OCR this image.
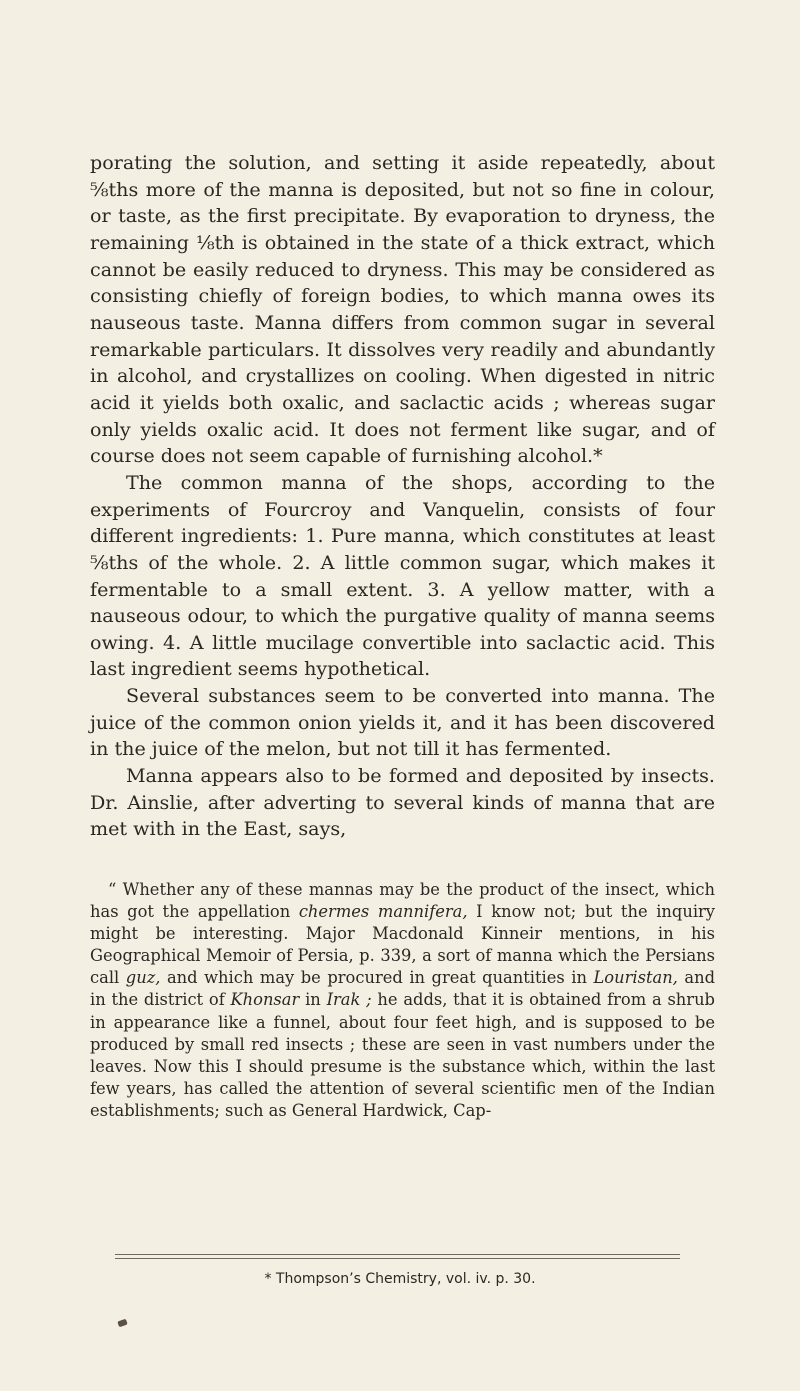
porating the solution, and setting it aside repeatedly, about ⅝ths more of the manna is deposited, but not so fine in colour, or taste, as the first precipitate. By evaporation to dryness, the remaining ⅛th is obtained in the state of a thick extract, which cannot be easily reduced to dryness. This may be considered as consisting chiefly of foreign bodies, to which manna owes its nauseous taste. Manna differs from common sugar in several remarkable particulars. It dissolves very readily and abundantly in alcohol, and crystallizes on cooling. When digested in nitric acid it yields both oxalic, and saclactic acids ; whereas sugar only yields oxalic acid. It does not ferment like sugar, and of course does not seem capable of furnishing alcohol.*

The common manna of the shops, according to the experiments of Fourcroy and Vanquelin, consists of four different ingredients: 1. Pure manna, which constitutes at least ⅝ths of the whole. 2. A little common sugar, which makes it fermentable to a small extent. 3. A yellow matter, with a nauseous odour, to which the purgative quality of manna seems owing. 4. A little mucilage convertible into saclactic acid. This last ingredient seems hypothetical.

Several substances seem to be converted into manna. The juice of the common onion yields it, and it has been discovered in the juice of the melon, but not till it has fermented.

Manna appears also to be formed and deposited by insects. Dr. Ainslie, after adverting to several kinds of manna that are met with in the East, says,

“ Whether any of these mannas may be the product of the insect, which has got the appellation chermes mannifera, I know not; but the inquiry might be interesting. Major Macdonald Kinneir mentions, in his Geographical Memoir of Persia, p. 339, a sort of manna which the Persians call guz, and which may be procured in great quantities in Louristan, and in the district of Khonsar in Irak ; he adds, that it is obtained from a shrub in appearance like a funnel, about four feet high, and is supposed to be produced by small red insects ; these are seen in vast numbers under the leaves. Now this I should presume is the substance which, within the last few years, has called the attention of several scientific men of the Indian establishments; such as General Hardwick, Cap-

* Thompson’s Chemistry, vol. iv. p. 30.
